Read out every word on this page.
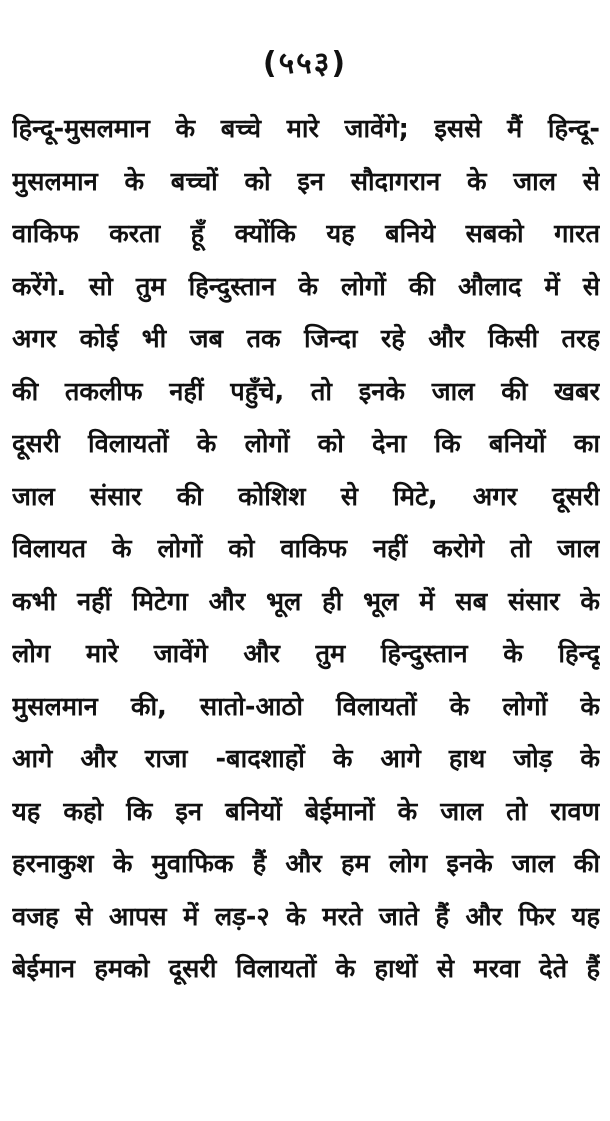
(५५३)
हिन्दू-मुसलमान के बच्चे मारे जावेंगे; इससे मैं हिन्दू-
मुसलमान के बच्चों को इन सौदागरान के जाल से
वाकिफ करता हूँ क्योंकि यह बनिये सबको गारत
करेंगे. सो तुम हिन्दुस्तान के लोगों की औलाद में से
अगर कोई भी जब तक जिन्दा रहे और किसी तरह
की तकलीफ नहीं पहुँचे, तो इनके जाल की खबर
दूसरी विलायतों के लोगों को देना कि बनियों का
जाल संसार की कोशिश से मिटे, अगर दूसरी
विलायत के लोगों को वाकिफ नहीं करोगे तो जाल
कभी नहीं मिटेगा और भूल ही भूल में सब संसार के
लोग मारे जावेंगे और तुम हिन्दुस्तान के हिन्दू
मुसलमान की, सातो-आठो विलायतों के लोगों के
आगे और राजा -बादशाहों के आगे हाथ जोड़ के
यह कहो कि इन बनियों बेईमानों के जाल तो रावण
हरनाकुश के मुवाफिक हैं और हम लोग इनके जाल की
वजह से आपस में लड़-२ के मरते जाते हैं और फिर यह
बेईमान हमको दूसरी विलायतों के हाथों से मरवा देते हैं
